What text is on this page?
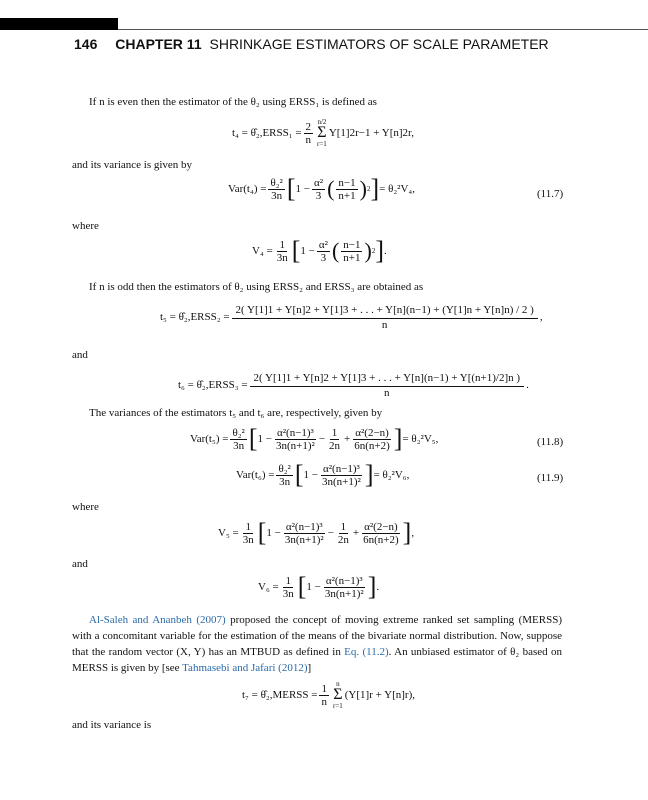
146 CHAPTER 11 SHRINKAGE ESTIMATORS OF SCALE PARAMETER
If n is even then the estimator of the θ₂ using ERSS₁ is defined as
t₄ = θ̂₂,ERSS₁ = $\frac{2}{n} n/2$
Σ
r=1
Y[1]2r−1 + Y[n]2r,
and its variance is given by
$Var(t_4) = \frac{\text{θ₂²}}{3n}$ [ $1 - \frac{\text{α²}}{3}$ ( $\frac{n-1}{n+1}$ ) 2 ] = θ₂²V₄,	(11.7)
where
$V_4 = \frac{1}{3n}$ [ $1 - \frac{\text{α²}}{3}$ ( $\frac{n-1}{n+1}$ ) 2 ] .
If n is odd then the estimators of θ₂ using ERSS₂ and ERSS₃ are obtained as
t₅ = θ̂₂,ERSS₂ =
2( Y[1]1 + Y[n]2 + Y[1]3 + . . . + Y[n](n−1) + (Y[1]n + Y[n]n) / 2 )
n
,
and
t₆ = θ̂₂,ERSS₃ = $\frac{2( Y[1]1 + Y[n]2 + Y[1]3 + . . . + Y[n](n-1) + Y[(n+1)/2]n )}{n}$ .
The variances of the estimators t₅ and t₆ are, respectively, given by
$Var(t_5) = \frac{\text{θ₂²}}{3n}$ [ $1 - \frac{\text{α²(n−1)³}}{\text{3n(n+1)²}} - \frac{1}{2n} + \frac{\text{α²(2−n)}}{6n(n+2)}$ ] = θ₂²V₅,	(11.8)
$Var(t_6) = \frac{\text{θ₂²}}{3n}$ [ $1 - \frac{\text{α²(n−1)³}}{\text{3n(n+1)²}}$ ] = θ₂²V₆,	(11.9)
where
$V_5 = \frac{1}{3n}$ [ $1 - \frac{\text{α²(n−1)³}}{\text{3n(n+1)²}} - \frac{1}{2n} + \frac{\text{α²(2−n)}}{6n(n+2)}$ ] ,
and
$V_6 = \frac{1}{3n}$ [ $1 - \frac{\text{α²(n−1)³}}{\text{3n(n+1)²}}$ ] .
Al-Saleh and Ananbeh (2007) proposed the concept of moving extreme ranked set sampling (MERSS) with a concomitant variable for the estimation of the means of the bivariate normal distribution. Now, suppose that the random vector (X, Y) has an MTBUD as defined in Eq. (11.2). An unbiased estimator of θ₂ based on MERSS is given by [see Tahmasebi and Jafari (2012)]
t₇ = θ̂₂,MERSS = $\frac{1}{n}$ n
Σ
r=1
(Y[1]r + Y[n]r),
and its variance is
